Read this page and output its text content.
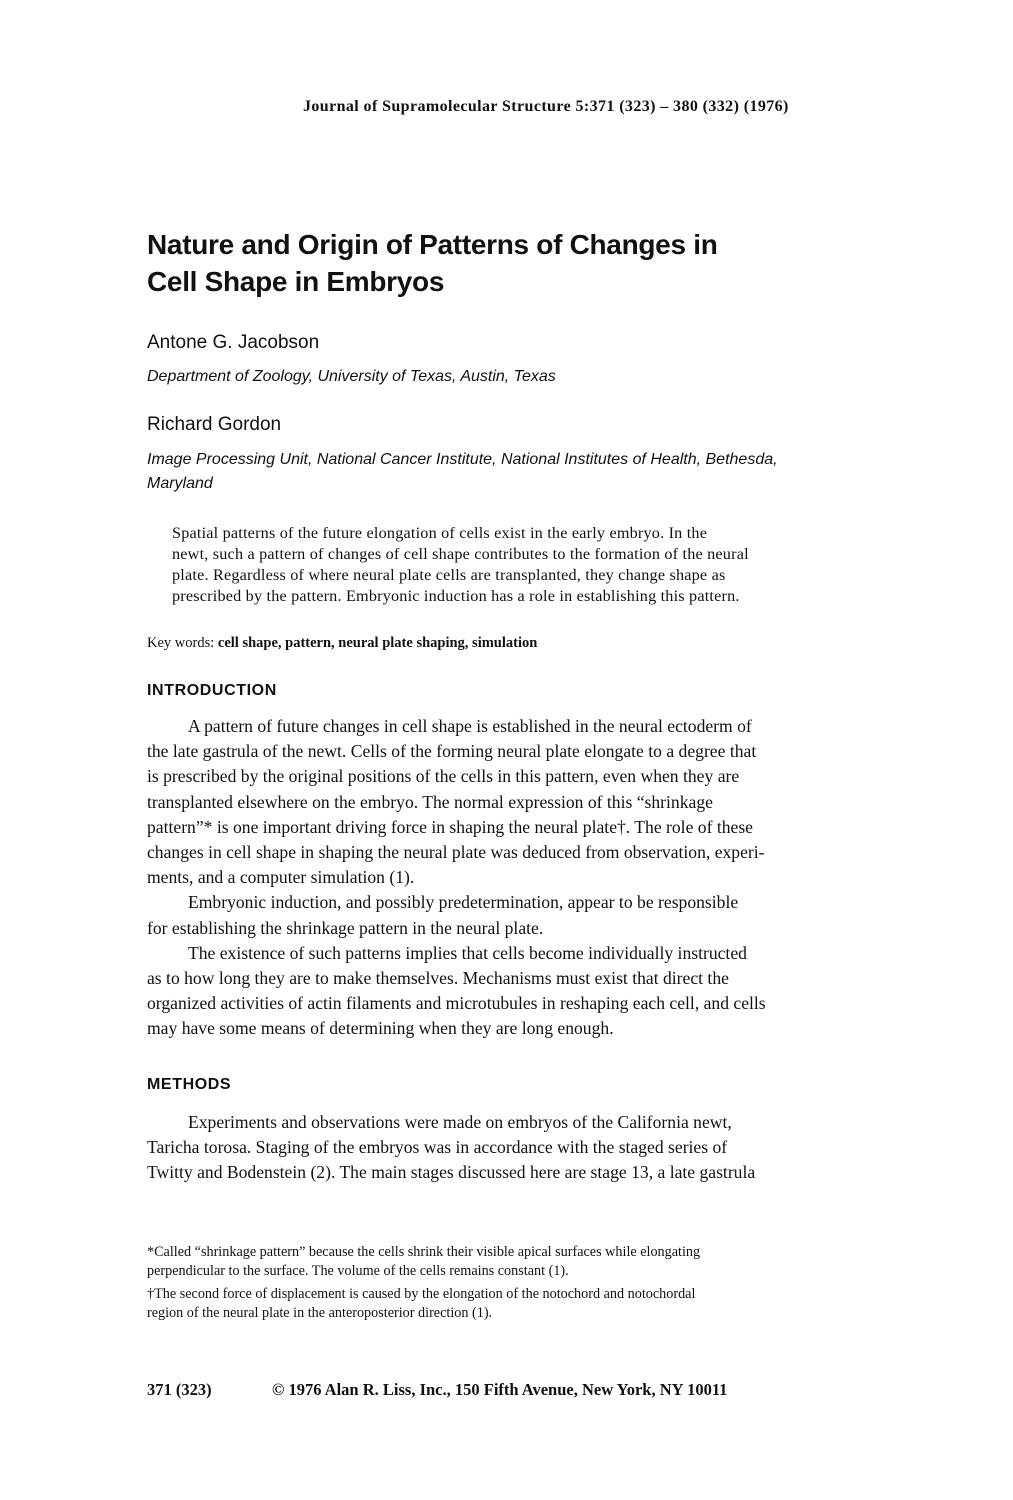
Journal of Supramolecular Structure 5:371 (323) – 380 (332) (1976)
Nature and Origin of Patterns of Changes in
Cell Shape in Embryos
Antone G. Jacobson
Department of Zoology, University of Texas, Austin, Texas
Richard Gordon
Image Processing Unit, National Cancer Institute, National Institutes of Health, Bethesda,
Maryland
Spatial patterns of the future elongation of cells exist in the early embryo. In the
newt, such a pattern of changes of cell shape contributes to the formation of the neural
plate. Regardless of where neural plate cells are transplanted, they change shape as
prescribed by the pattern. Embryonic induction has a role in establishing this pattern.
Key words: cell shape, pattern, neural plate shaping, simulation
INTRODUCTION
A pattern of future changes in cell shape is established in the neural ectoderm of
the late gastrula of the newt. Cells of the forming neural plate elongate to a degree that
is prescribed by the original positions of the cells in this pattern, even when they are
transplanted elsewhere on the embryo. The normal expression of this “shrinkage
pattern”* is one important driving force in shaping the neural plate†. The role of these
changes in cell shape in shaping the neural plate was deduced from observation, experi-
ments, and a computer simulation (1).
Embryonic induction, and possibly predetermination, appear to be responsible
for establishing the shrinkage pattern in the neural plate.
The existence of such patterns implies that cells become individually instructed
as to how long they are to make themselves. Mechanisms must exist that direct the
organized activities of actin filaments and microtubules in reshaping each cell, and cells
may have some means of determining when they are long enough.
METHODS
Experiments and observations were made on embryos of the California newt,
Taricha torosa. Staging of the embryos was in accordance with the staged series of
Twitty and Bodenstein (2). The main stages discussed here are stage 13, a late gastrula
*Called “shrinkage pattern” because the cells shrink their visible apical surfaces while elongating
perpendicular to the surface. The volume of the cells remains constant (1).
†The second force of displacement is caused by the elongation of the notochord and notochordal
region of the neural plate in the anteroposterior direction (1).
371 (323)	© 1976 Alan R. Liss, Inc., 150 Fifth Avenue, New York, NY 10011
